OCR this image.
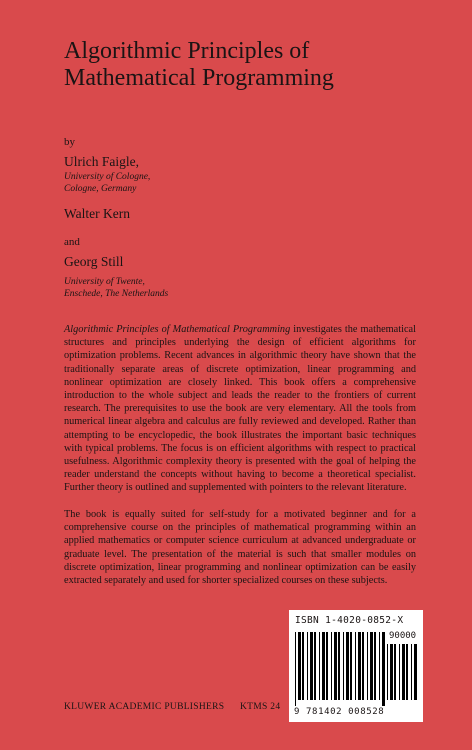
Algorithmic Principles of Mathematical Programming
by
Ulrich Faigle,
University of Cologne,
Cologne, Germany
Walter Kern
and
Georg Still
University of Twente,
Enschede, The Netherlands

Algorithmic Principles of Mathematical Programming investigates the mathematical structures and principles underlying the design of efficient algorithms for optimization problems. Recent advances in algorithmic theory have shown that the traditionally separate areas of discrete optimization, linear programming and nonlinear optimization are closely linked. This book offers a comprehensive introduction to the whole subject and leads the reader to the frontiers of current research. The prerequisites to use the book are very elementary. All the tools from numerical linear algebra and calculus are fully reviewed and developed. Rather than attempting to be encyclopedic, the book illustrates the important basic techniques with typical problems. The focus is on efficient algorithms with respect to practical usefulness. Algorithmic complexity theory is presented with the goal of helping the reader understand the concepts without having to become a theoretical specialist. Further theory is outlined and supplemented with pointers to the relevant literature.

The book is equally suited for self-study for a motivated beginner and for a comprehensive course on the principles of mathematical programming within an applied mathematics or computer science curriculum at advanced undergraduate or graduate level. The presentation of the material is such that smaller modules on discrete optimization, linear programming and nonlinear optimization can be easily extracted separately and used for shorter specialized courses on these subjects.

ISBN 1-4020-0852-X
90000
9 781402 008528
KLUWER ACADEMIC PUBLISHERS KTMS 24
